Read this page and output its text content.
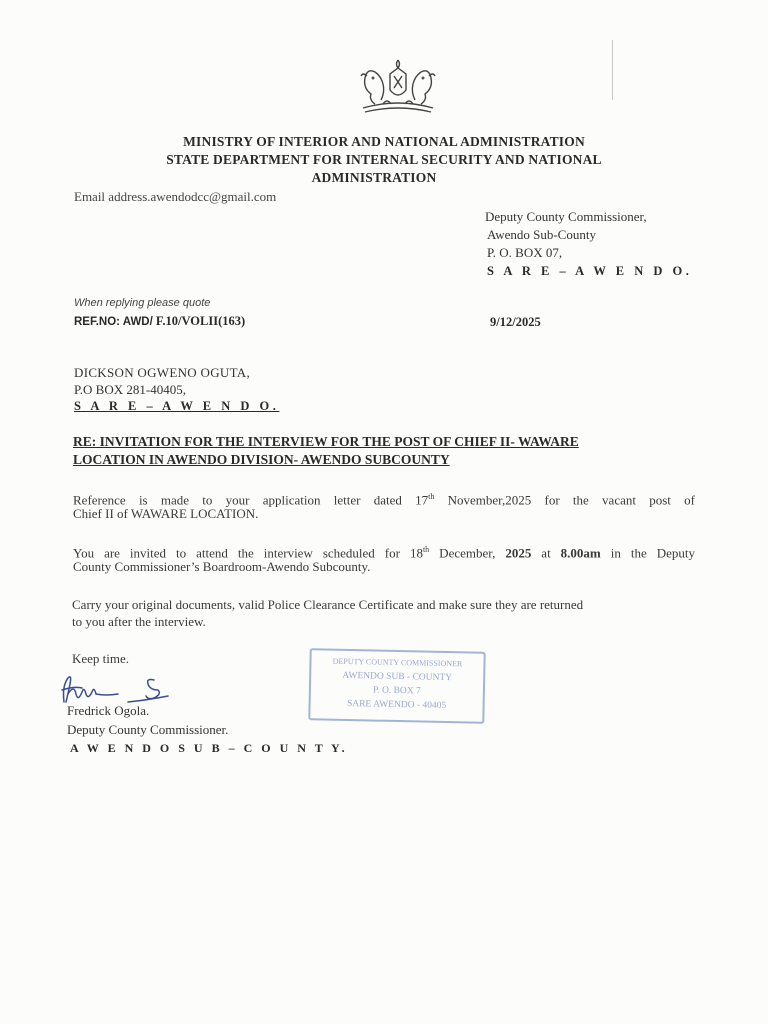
MINISTRY OF INTERIOR AND NATIONAL ADMINISTRATION
STATE DEPARTMENT FOR INTERNAL SECURITY AND NATIONAL
ADMINISTRATION
Email address.awendodcc@gmail.com
Deputy County Commissioner,
Awendo Sub-County
P. O. BOX 07,
S A R E – A W E N D O.
When replying please quote
REF.NO: AWD/ F.10/VOLII(163)	9/12/2025
DICKSON OGWENO OGUTA,
P.O BOX 281-40405,
S A R E – A W E N D O.
RE: INVITATION FOR THE INTERVIEW FOR THE POST OF CHIEF II- WAWARE
LOCATION IN AWENDO DIVISION- AWENDO SUBCOUNTY
Reference is made to your application letter dated 17th November,2025 for the vacant post of
Chief II of WAWARE LOCATION.
You are invited to attend the interview scheduled for 18th December, 2025 at 8.00am in the Deputy
County Commissioner’s Boardroom-Awendo Subcounty.
Carry your original documents, valid Police Clearance Certificate and make sure they are returned
to you after the interview.
Keep time.	DEPUTY COUNTY COMMISSIONER
AWENDO SUB - COUNTY
P. O. BOX 7
SARE AWENDO - 40405
Fredrick Ogola.
Deputy County Commissioner.
A W E N D O S U B – C O U N T Y.
